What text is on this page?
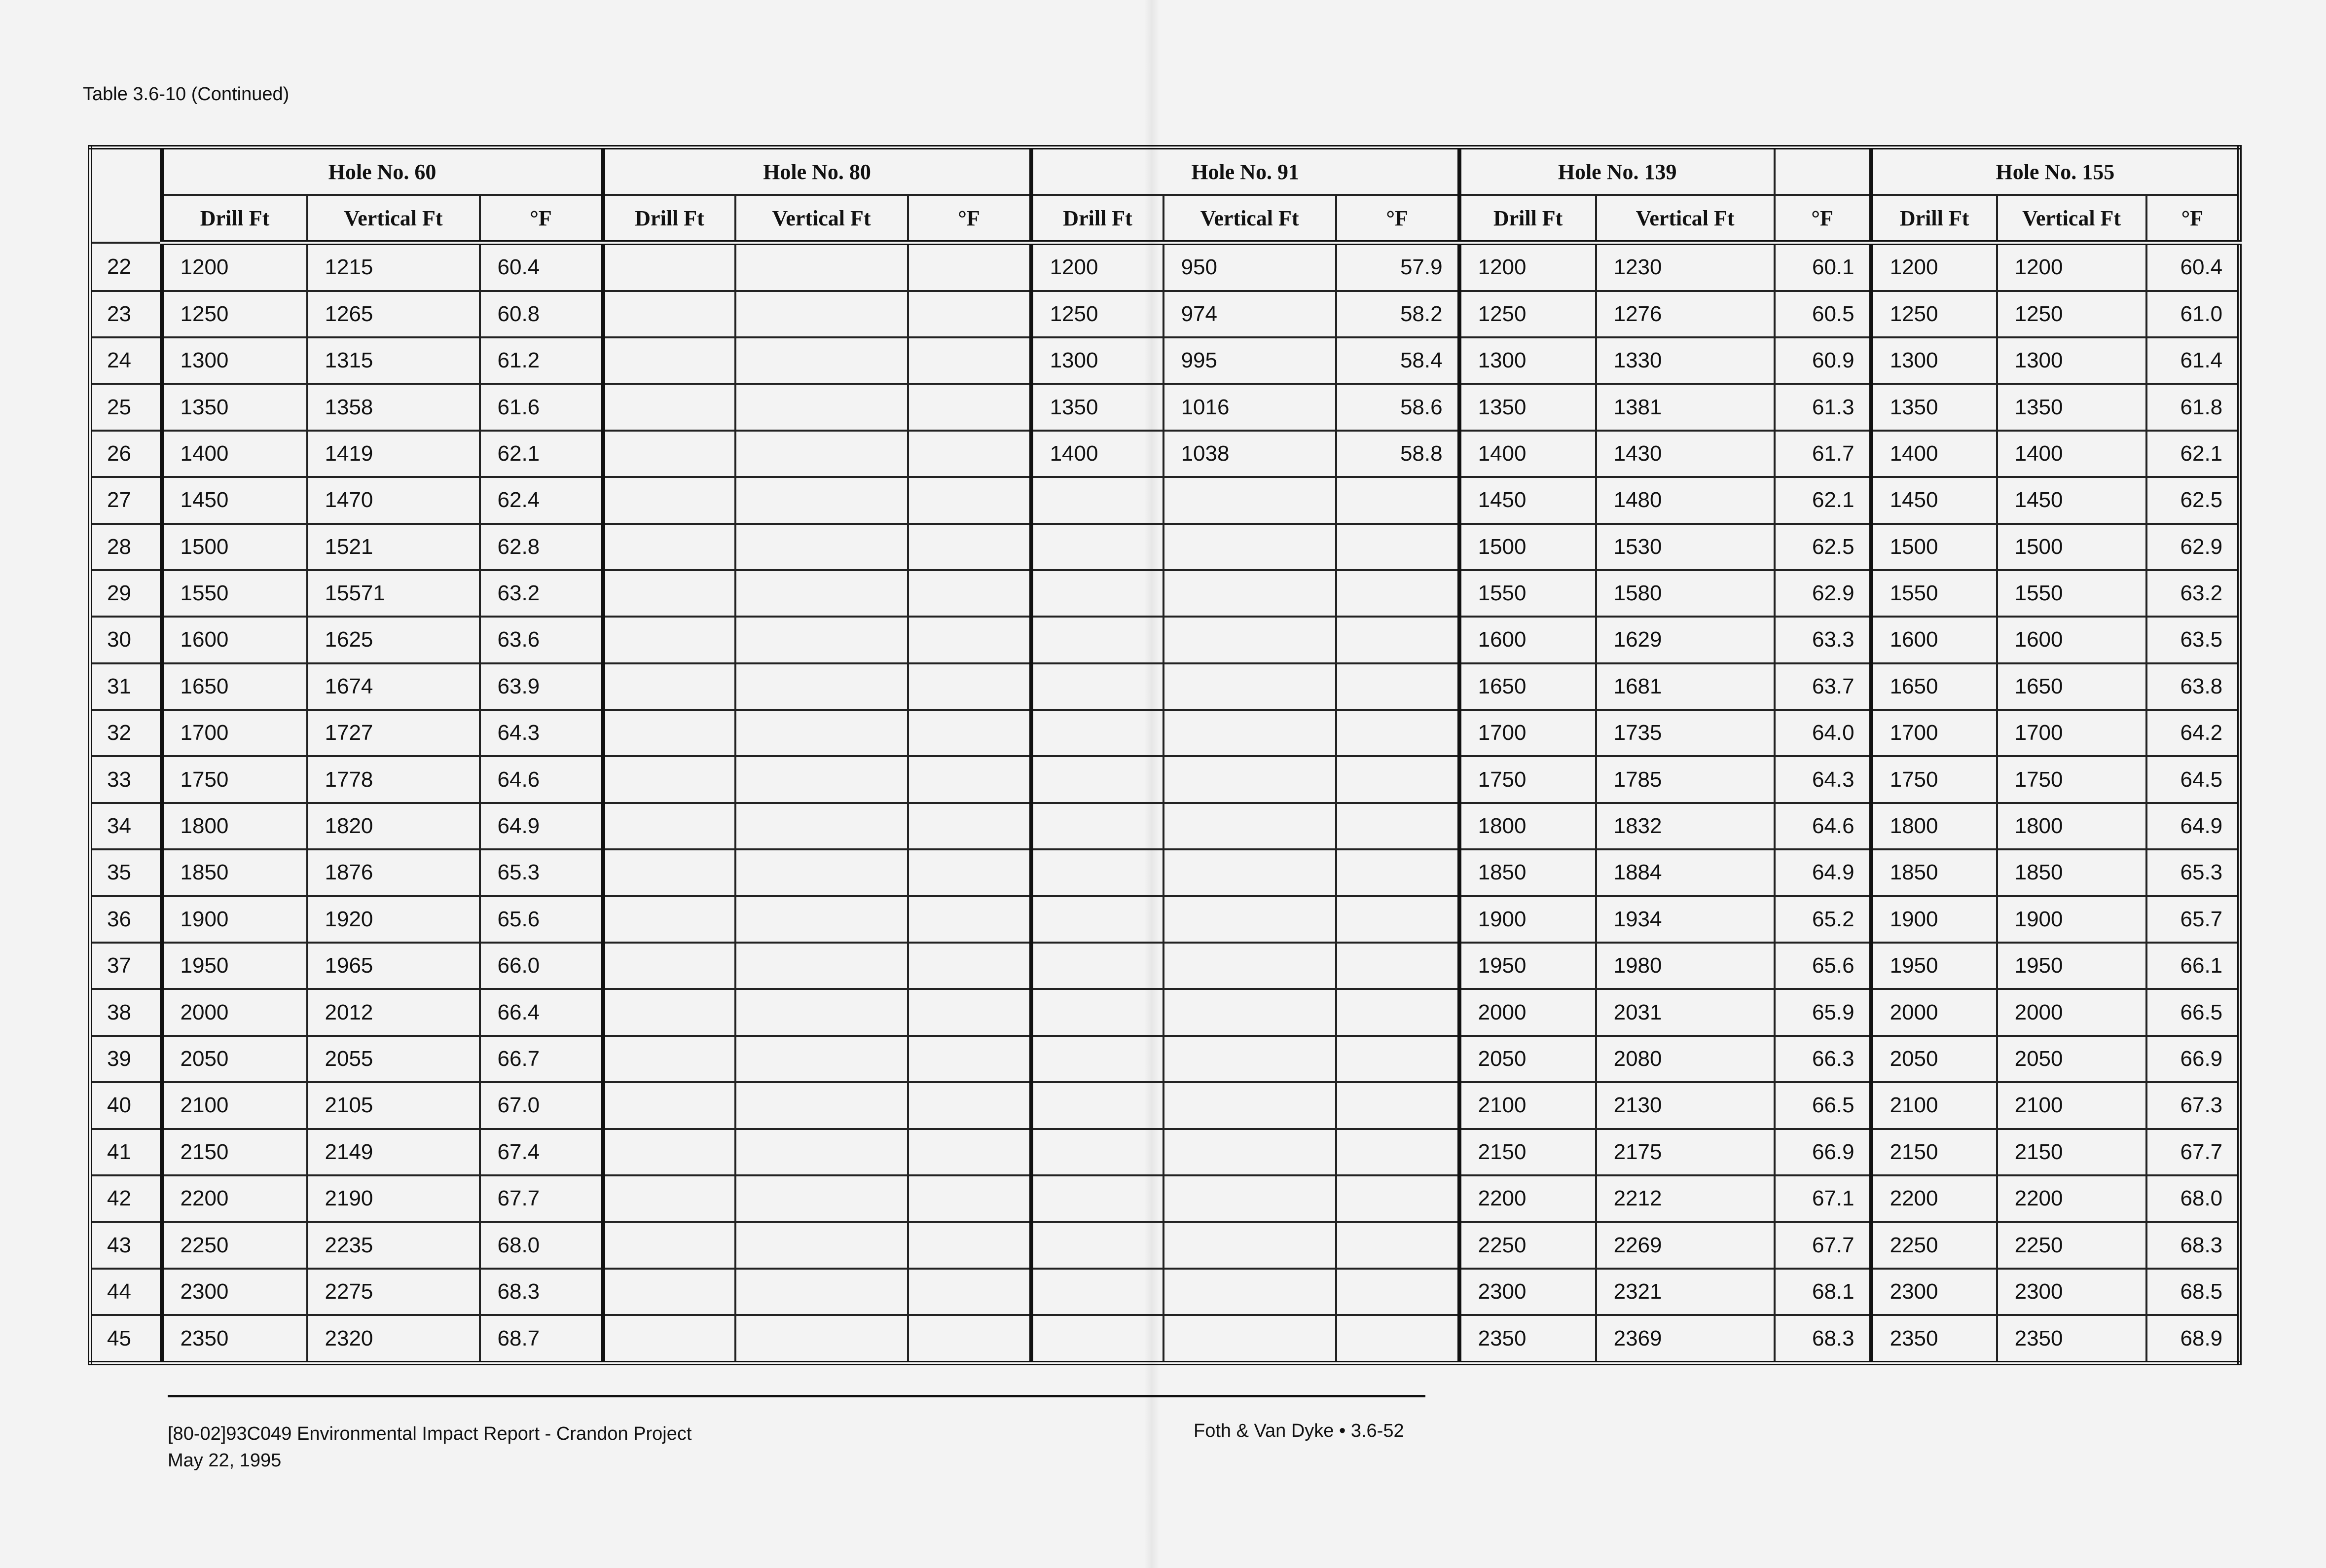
Table 3.6-10 (Continued)
	Hole No. 60			Hole No. 80			Hole No. 91			Hole No. 139			Hole No. 155		
	Drill Ft	Vertical Ft	°F	Drill Ft	Vertical Ft	°F	Drill Ft	Vertical Ft	°F	Drill Ft	Vertical Ft	°F	Drill Ft	Vertical Ft	°F
22	1200	1215	60.4				1200	950	57.9	1200	1230	60.1	1200	1200	60.4
23	1250	1265	60.8				1250	974	58.2	1250	1276	60.5	1250	1250	61.0
24	1300	1315	61.2				1300	995	58.4	1300	1330	60.9	1300	1300	61.4
25	1350	1358	61.6				1350	1016	58.6	1350	1381	61.3	1350	1350	61.8
26	1400	1419	62.1				1400	1038	58.8	1400	1430	61.7	1400	1400	62.1
27	1450	1470	62.4							1450	1480	62.1	1450	1450	62.5
28	1500	1521	62.8							1500	1530	62.5	1500	1500	62.9
29	1550	15571	63.2							1550	1580	62.9	1550	1550	63.2
30	1600	1625	63.6							1600	1629	63.3	1600	1600	63.5
31	1650	1674	63.9							1650	1681	63.7	1650	1650	63.8
32	1700	1727	64.3							1700	1735	64.0	1700	1700	64.2
33	1750	1778	64.6							1750	1785	64.3	1750	1750	64.5
34	1800	1820	64.9							1800	1832	64.6	1800	1800	64.9
35	1850	1876	65.3							1850	1884	64.9	1850	1850	65.3
36	1900	1920	65.6							1900	1934	65.2	1900	1900	65.7
37	1950	1965	66.0							1950	1980	65.6	1950	1950	66.1
38	2000	2012	66.4							2000	2031	65.9	2000	2000	66.5
39	2050	2055	66.7							2050	2080	66.3	2050	2050	66.9
40	2100	2105	67.0							2100	2130	66.5	2100	2100	67.3
41	2150	2149	67.4							2150	2175	66.9	2150	2150	67.7
42	2200	2190	67.7							2200	2212	67.1	2200	2200	68.0
43	2250	2235	68.0							2250	2269	67.7	2250	2250	68.3
44	2300	2275	68.3							2300	2321	68.1	2300	2300	68.5
45	2350	2320	68.7							2350	2369	68.3	2350	2350	68.9
[80-02]93C049 Environmental Impact Report - Crandon Project
May 22, 1995
Foth & Van Dyke • 3.6-52
